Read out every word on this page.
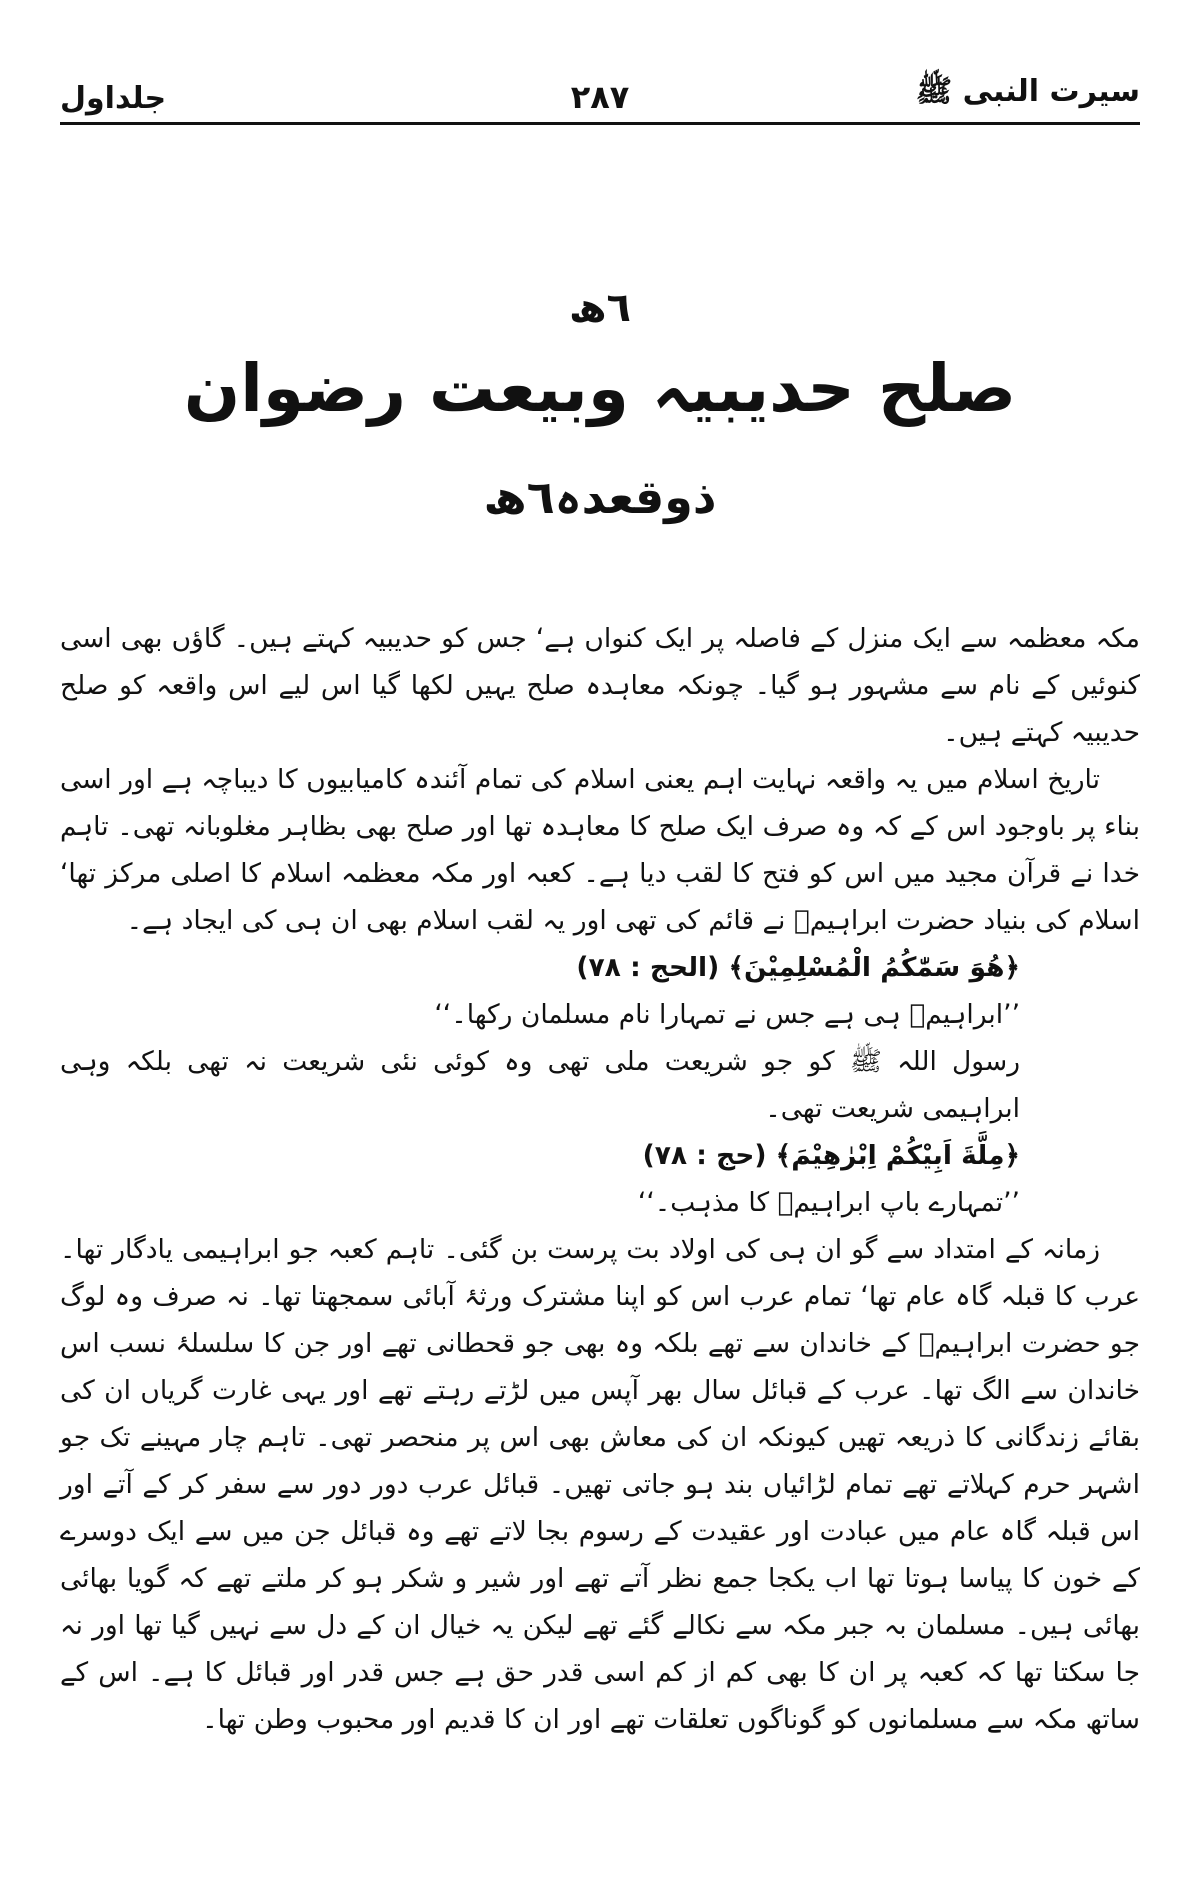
سیرت النبی ﷺ
۲۸۷
جلداول
٦ھ
صلح حدیبیہ وبیعت رضوان
ذوقعدہ٦ھ

مکہ معظمہ سے ایک منزل کے فاصلہ پر ایک کنواں ہے‘ جس کو حدیبیہ کہتے ہیں۔ گاؤں بھی اسی کنوئیں کے نام سے مشہور ہو گیا۔ چونکہ معاہدہ صلح یہیں لکھا گیا اس لیے اس واقعہ کو صلح حدیبیہ کہتے ہیں۔

تاریخ اسلام میں یہ واقعہ نہایت اہم یعنی اسلام کی تمام آئندہ کامیابیوں کا دیباچہ ہے اور اسی بناء پر باوجود اس کے کہ وہ صرف ایک صلح کا معاہدہ تھا اور صلح بھی بظاہر مغلوبانہ تھی۔ تاہم خدا نے قرآن مجید میں اس کو فتح کا لقب دیا ہے۔ کعبہ اور مکہ معظمہ اسلام کا اصلی مرکز تھا‘ اسلام کی بنیاد حضرت ابراہیمؑ نے قائم کی تھی اور یہ لقب اسلام بھی ان ہی کی ایجاد ہے۔

﴿هُوَ سَمّٰكُمُ الْمُسْلِمِيْنَ﴾ (الحج : ۷۸)

’’ابراہیمؑ ہی ہے جس نے تمہارا نام مسلمان رکھا۔‘‘

رسول اللہ ﷺ کو جو شریعت ملی تھی وہ کوئی نئی شریعت نہ تھی بلکہ وہی ابراہیمی شریعت تھی۔

﴿مِلَّةَ اَبِيْكُمْ اِبْرٰهِيْمَ﴾ (حج : ۷۸)

’’تمہارے باپ ابراہیمؑ کا مذہب۔‘‘

زمانہ کے امتداد سے گو ان ہی کی اولاد بت پرست بن گئی۔ تاہم کعبہ جو ابراہیمی یادگار تھا۔ عرب کا قبلہ گاہ عام تھا‘ تمام عرب اس کو اپنا مشترک ورثۂ آبائی سمجھتا تھا۔ نہ صرف وہ لوگ جو حضرت ابراہیمؑ کے خاندان سے تھے بلکہ وہ بھی جو قحطانی تھے اور جن کا سلسلۂ نسب اس خاندان سے الگ تھا۔ عرب کے قبائل سال بھر آپس میں لڑتے رہتے تھے اور یہی غارت گریاں ان کی بقائے زندگانی کا ذریعہ تھیں کیونکہ ان کی معاش بھی اس پر منحصر تھی۔ تاہم چار مہینے تک جو اشہر حرم کہلاتے تھے تمام لڑائیاں بند ہو جاتی تھیں۔ قبائل عرب دور دور سے سفر کر کے آتے اور اس قبلہ گاہ عام میں عبادت اور عقیدت کے رسوم بجا لاتے تھے وہ قبائل جن میں سے ایک دوسرے کے خون کا پیاسا ہوتا تھا اب یکجا جمع نظر آتے تھے اور شیر و شکر ہو کر ملتے تھے کہ گویا بھائی بھائی ہیں۔ مسلمان بہ جبر مکہ سے نکالے گئے تھے لیکن یہ خیال ان کے دل سے نہیں گیا تھا اور نہ جا سکتا تھا کہ کعبہ پر ان کا بھی کم از کم اسی قدر حق ہے جس قدر اور قبائل کا ہے۔ اس کے ساتھ مکہ سے مسلمانوں کو گوناگوں تعلقات تھے اور ان کا قدیم اور محبوب وطن تھا۔
